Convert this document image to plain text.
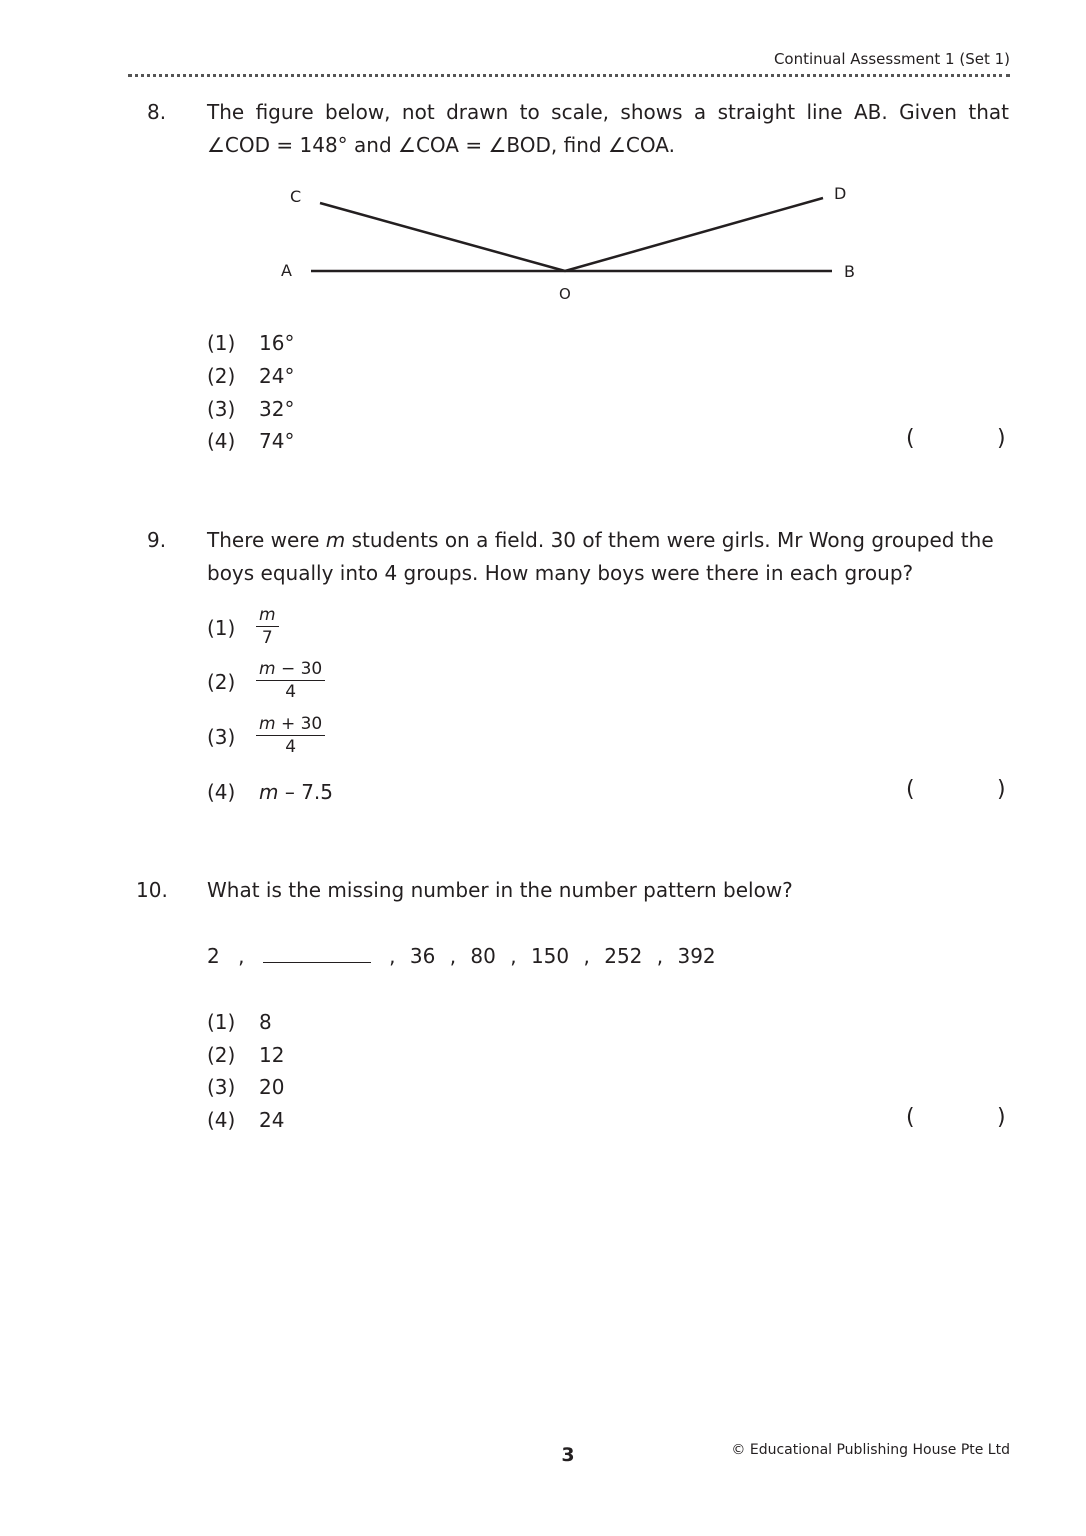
Continual Assessment 1 (Set 1)
8. The figure below, not drawn to scale, shows a straight line AB. Given that
∠COD = 148° and ∠COA = ∠BOD, find ∠COA.
C	D
A	B
O
(1) 16°
(2) 24°
(3) 32°
(4) 74°	(	)
9. There were m students on a field. 30 of them were girls. Mr Wong grouped the
boys equally into 4 groups. How many boys were there in each group?
$(1) \frac{m}{7}$
$(2) \frac{m - 30}{4}$
$(3) \frac{m + 30}{4}$
(4) m – 7.5	(	)
10. What is the missing number in the number pattern below?
2 ,	, 36 , 80 , 150 , 252 , 392
(1) 8
(2) 12
(3) 20
(4) 24	(	)
3	© Educational Publishing House Pte Ltd
